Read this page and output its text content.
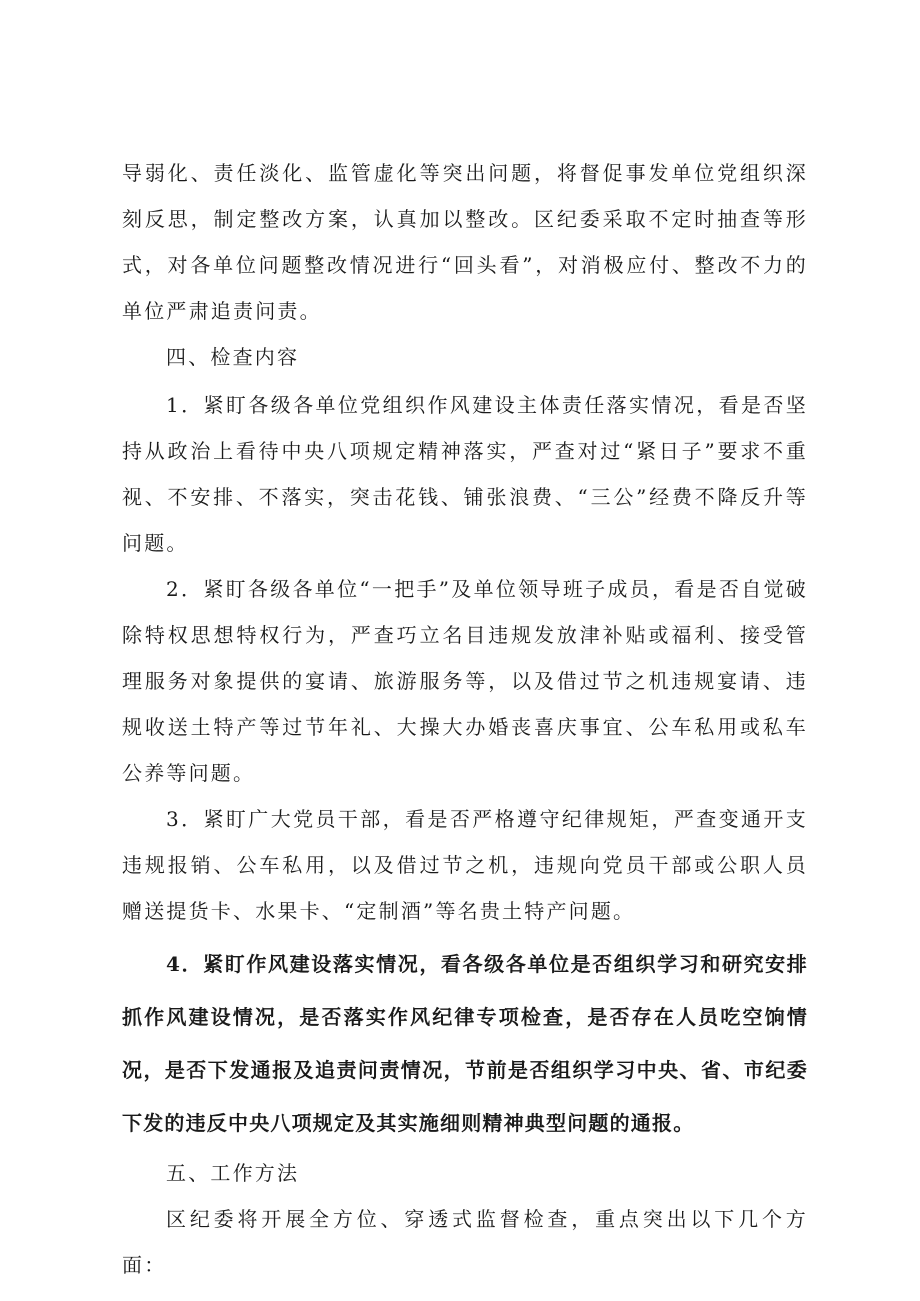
导弱化、责任淡化、监管虚化等突出问题，将督促事发单位党组织深刻反思，制定整改方案，认真加以整改。区纪委采取不定时抽查等形式，对各单位问题整改情况进行“回头看”，对消极应付、整改不力的单位严肃追责问责。

四、检查内容

1．紧盯各级各单位党组织作风建设主体责任落实情况，看是否坚持从政治上看待中央八项规定精神落实，严查对过“紧日子”要求不重视、不安排、不落实，突击花钱、铺张浪费、“三公”经费不降反升等问题。

2．紧盯各级各单位“一把手”及单位领导班子成员，看是否自觉破除特权思想特权行为，严查巧立名目违规发放津补贴或福利、接受管理服务对象提供的宴请、旅游服务等，以及借过节之机违规宴请、违规收送土特产等过节年礼、大操大办婚丧喜庆事宜、公车私用或私车公养等问题。

3．紧盯广大党员干部，看是否严格遵守纪律规矩，严查变通开支违规报销、公车私用，以及借过节之机，违规向党员干部或公职人员赠送提货卡、水果卡、“定制酒”等名贵土特产问题。

4．紧盯作风建设落实情况，看各级各单位是否组织学习和研究安排抓作风建设情况，是否落实作风纪律专项检查，是否存在人员吃空饷情况，是否下发通报及追责问责情况，节前是否组织学习中央、省、市纪委下发的违反中央八项规定及其实施细则精神典型问题的通报。

五、工作方法

区纪委将开展全方位、穿透式监督检查，重点突出以下几个方面：
